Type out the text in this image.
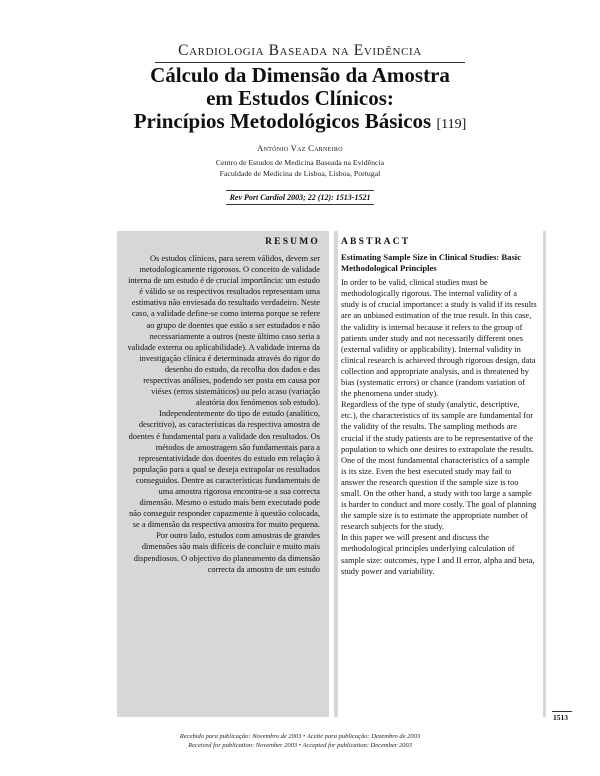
Cardiologia Baseada na Evidência
Cálculo da Dimensão da Amostra
em Estudos Clínicos:
Princípios Metodológicos Básicos [119]
António Vaz Carneiro
Centro de Estudos de Medicina Baseada na Evidência
Faculdade de Medicina de Lisboa, Lisboa, Portugal
Rev Port Cardiol 2003; 22 (12): 1513-1521
RESUMO

Os estudos clínicos, para serem válidos, devem ser metodologicamente rigorosos. O conceito de validade interna de um estudo é de crucial importância: um estudo é válido se os respectivos resultados representam uma estimativa não enviesada do resultado verdadeiro. Neste caso, a validade define-se como interna porque se refere ao grupo de doentes que estão a ser estudados e não necessariamente a outros (neste último caso seria a validade externa ou aplicabilidade). A validade interna da investigação clínica é determinada através do rigor do desenho do estudo, da recolha dos dados e das respectivas análises, podendo ser posta em causa por viéses (erros sistemáticos) ou pelo acaso (variação aleatória dos fenómenos sob estudo).

Independentemente do tipo de estudo (analítico, descritivo), as características da respectiva amostra de doentes é fundamental para a validade dos resultados. Os métodos de amostragem são fundamentais para a representatividade dos doentes do estudo em relação à população para a qual se deseja extrapolar os resultados conseguidos. Dentre as características fundamentais de uma amostra rigorosa encontra-se a sua correcta dimensão. Mesmo o estudo mais bem executado pode não conseguir responder capazmente à questão colocada, se a dimensão da respectiva amostra for muito pequena. Por outro lado, estudos com amostras de grandes dimensões são mais difíceis de concluir e muito mais dispendiosos. O objectivo do planeamento da dimensão correcta da amostra de um estudo

ABSTRACT
Estimating Sample Size in Clinical Studies: Basic Methodological Principles

In order to be valid, clinical studies must be methodologically rigorous. The internal validity of a study is of crucial importance: a study is valid if its results are an unbiased estimation of the true result. In this case, the validity is internal because it refers to the group of patients under study and not necessarily different ones (external validity or applicability). Internal validity in clinical research is achieved through rigorous design, data collection and appropriate analysis, and is threatened by bias (systematic errors) or chance (random variation of the phenomena under study).

Regardless of the type of study (analytic, descriptive, etc.), the characteristics of its sample are fundamental for the validity of the results. The sampling methods are crucial if the study patients are to be representative of the population to which one desires to extrapolate the results. One of the most fundamental characteristics of a sample is its size. Even the best executed study may fail to answer the research question if the sample size is too small. On the other hand, a study with too large a sample is harder to conduct and more costly. The goal of planning the sample size is to estimate the appropriate number of research subjects for the study.

In this paper we will present and discuss the methodological principles underlying calculation of sample size: outcomes, type I and II error, alpha and beta, study power and variability.

1513
Recebido para publicação: Novembro de 2003 • Aceite para publicação: Dezembro de 2003
Received for publication: November 2003 • Accepted for publication: December 2003
